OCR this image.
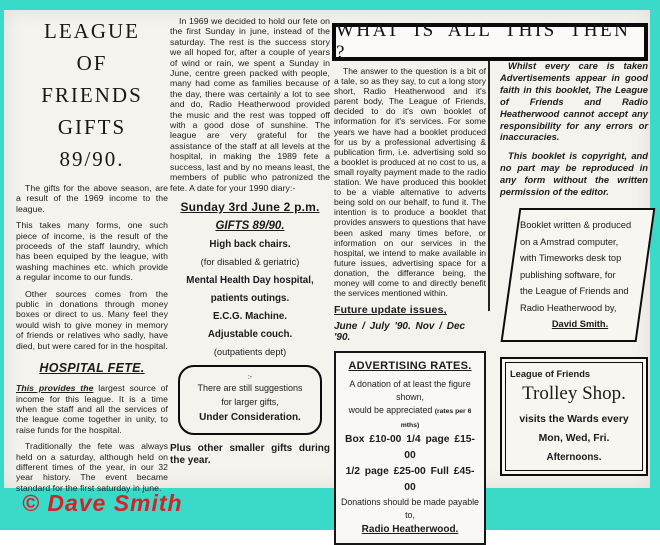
WHAT IS ALL THIS THEN ?
LEAGUE
OF
FRIENDS
GIFTS
89/90.

The gifts for the above season, are a result of the 1969 income to the league.

This takes many forms, one such piece of income, is the result of the proceeds of the staff laundry, which has been equiped by the league, with washing machines etc. which provide a regular income to our funds.

Other sources comes from the public in donations through money boxes or direct to us. Many feel they would wish to give money in memory of friends or relatives who sadly, have died, but were cared for in the hospital.

HOSPITAL FETE.

This provides the largest source of income for this league. It is a time when the staff and all the services of the league come together in unity, to raise funds for the hospital.

Traditionally the fete was always held on a saturday, although held on different times of the year, in our 32 year history. The event became standard for the first saturday in june.

In 1969 we decided to hold our fete on the first Sunday in june, instead of the saturday. The rest is the success story we all hoped for, after a couple of years of wind or rain, we spent a Sunday in June, centre green packed with people, many had come as families because of the day, there was certainly a lot to see and do, Radio Heatherwood provided the music and the rest was topped off with a good dose of sunshine. The league are very grateful for the assistance of the staff at all levels at the hospital, in making the 1989 fete a success, last and by no means least, the members of public who patronized the fete. A date for your 1990 diary:-

Sunday 3rd June 2 p.m.
GIFTS 89/90.
High back chairs.
(for disabled & geriatric)
Mental Health Day hospital,
patients outings.
E.C.G. Machine.
Adjustable couch.
(outpatients dept)
:-
There are still suggestions
for larger gifts,
Under Consideration.

Plus other smaller gifts during the year.

The answer to the question is a bit of a tale, so as they say, to cut a long story short, Radio Heatherwood and it's parent body, The League of Friends, decided to do it's own booklet of information for it's services. For some years we have had a booklet produced for us by a professional advertising & publication firm, i.e. advertising sold so a booklet is produced at no cost to us, a small royalty payment made to the radio station. We have produced this booklet to be a viable alternative to adverts being sold on our behalf, to fund it. The intention is to produce a booklet that provides answers to questions that have been asked many times before, or information on our services in the hospital, we intend to make available in future issues, advertising space for a donation, the differance being, the money will come to and directly benefit the services mentioned within.

Future update issues,
June / July '90. Nov / Dec '90.
ADVERTISING RATES.
A donation of at least the figure shown,
would be appreciated (rates per 6 mths)
Box £10-00 1/4 page £15-00
1/2 page £25-00 Full £45-00
Donations should be made payable to,
Radio Heatherwood.

Whilst every care is taken Advertisements appear in good faith in this booklet, The League of Friends and Radio Heatherwood cannot accept any responsibility for any errors or inaccuracies.

This booklet is copyright, and no part may be reproduced in any form without the written permission of the editor.

Booklet written & produced
on a Amstrad computer,
with Timeworks desk top
publishing software, for
the League of Friends and
Radio Heatherwood by,
David Smith.
League of Friends
Trolley Shop.
visits the Wards every
Mon, Wed, Fri.
Afternoons.
© Dave Smith
